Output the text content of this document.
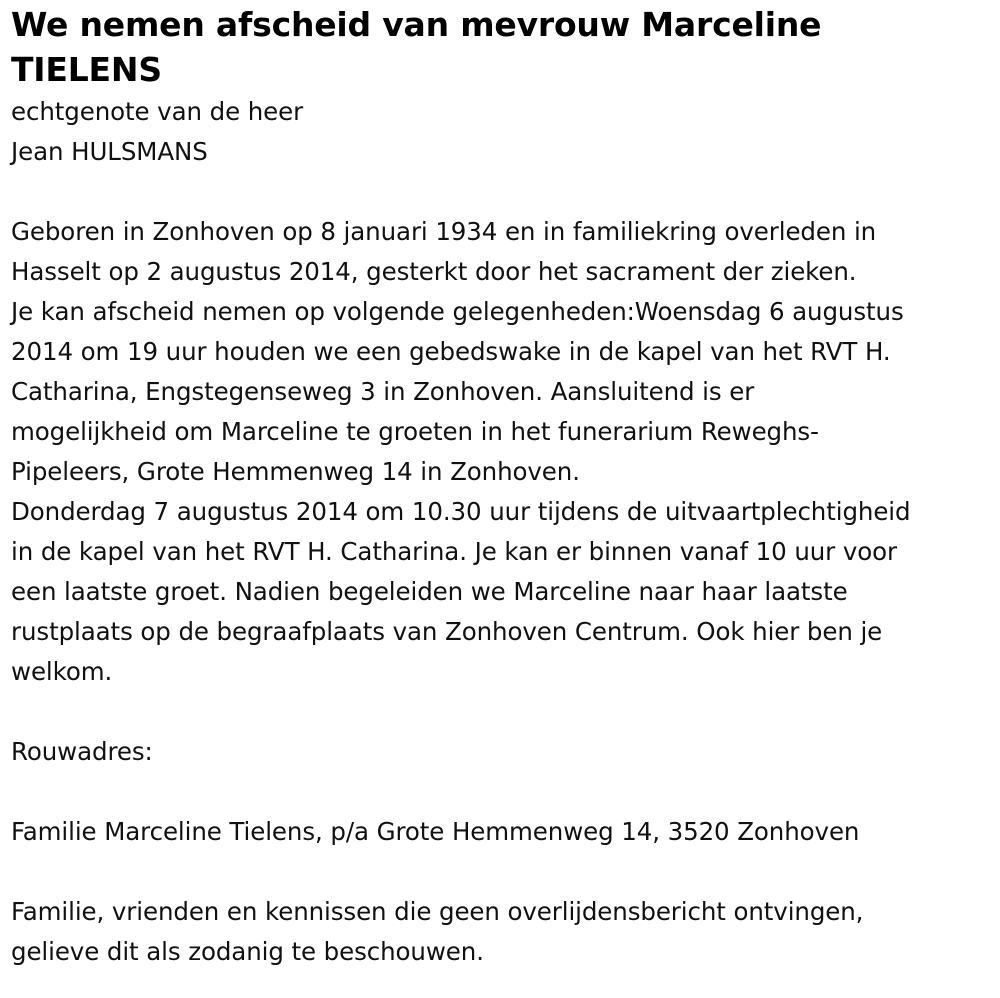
We nemen afscheid van mevrouw Marceline
TIELENS

echtgenote van de heer
Jean HULSMANS

Geboren in Zonhoven op 8 januari 1934 en in familiekring overleden in
Hasselt op 2 augustus 2014, gesterkt door het sacrament der zieken.
Je kan afscheid nemen op volgende gelegenheden:Woensdag 6 augustus
2014 om 19 uur houden we een gebedswake in de kapel van het RVT H.
Catharina, Engstegenseweg 3 in Zonhoven. Aansluitend is er
mogelijkheid om Marceline te groeten in het funerarium Reweghs-
Pipeleers, Grote Hemmenweg 14 in Zonhoven.
Donderdag 7 augustus 2014 om 10.30 uur tijdens de uitvaartplechtigheid
in de kapel van het RVT H. Catharina. Je kan er binnen vanaf 10 uur voor
een laatste groet. Nadien begeleiden we Marceline naar haar laatste
rustplaats op de begraafplaats van Zonhoven Centrum. Ook hier ben je
welkom.

Rouwadres:

Familie Marceline Tielens, p/a Grote Hemmenweg 14, 3520 Zonhoven

Familie, vrienden en kennissen die geen overlijdensbericht ontvingen,
gelieve dit als zodanig te beschouwen.
